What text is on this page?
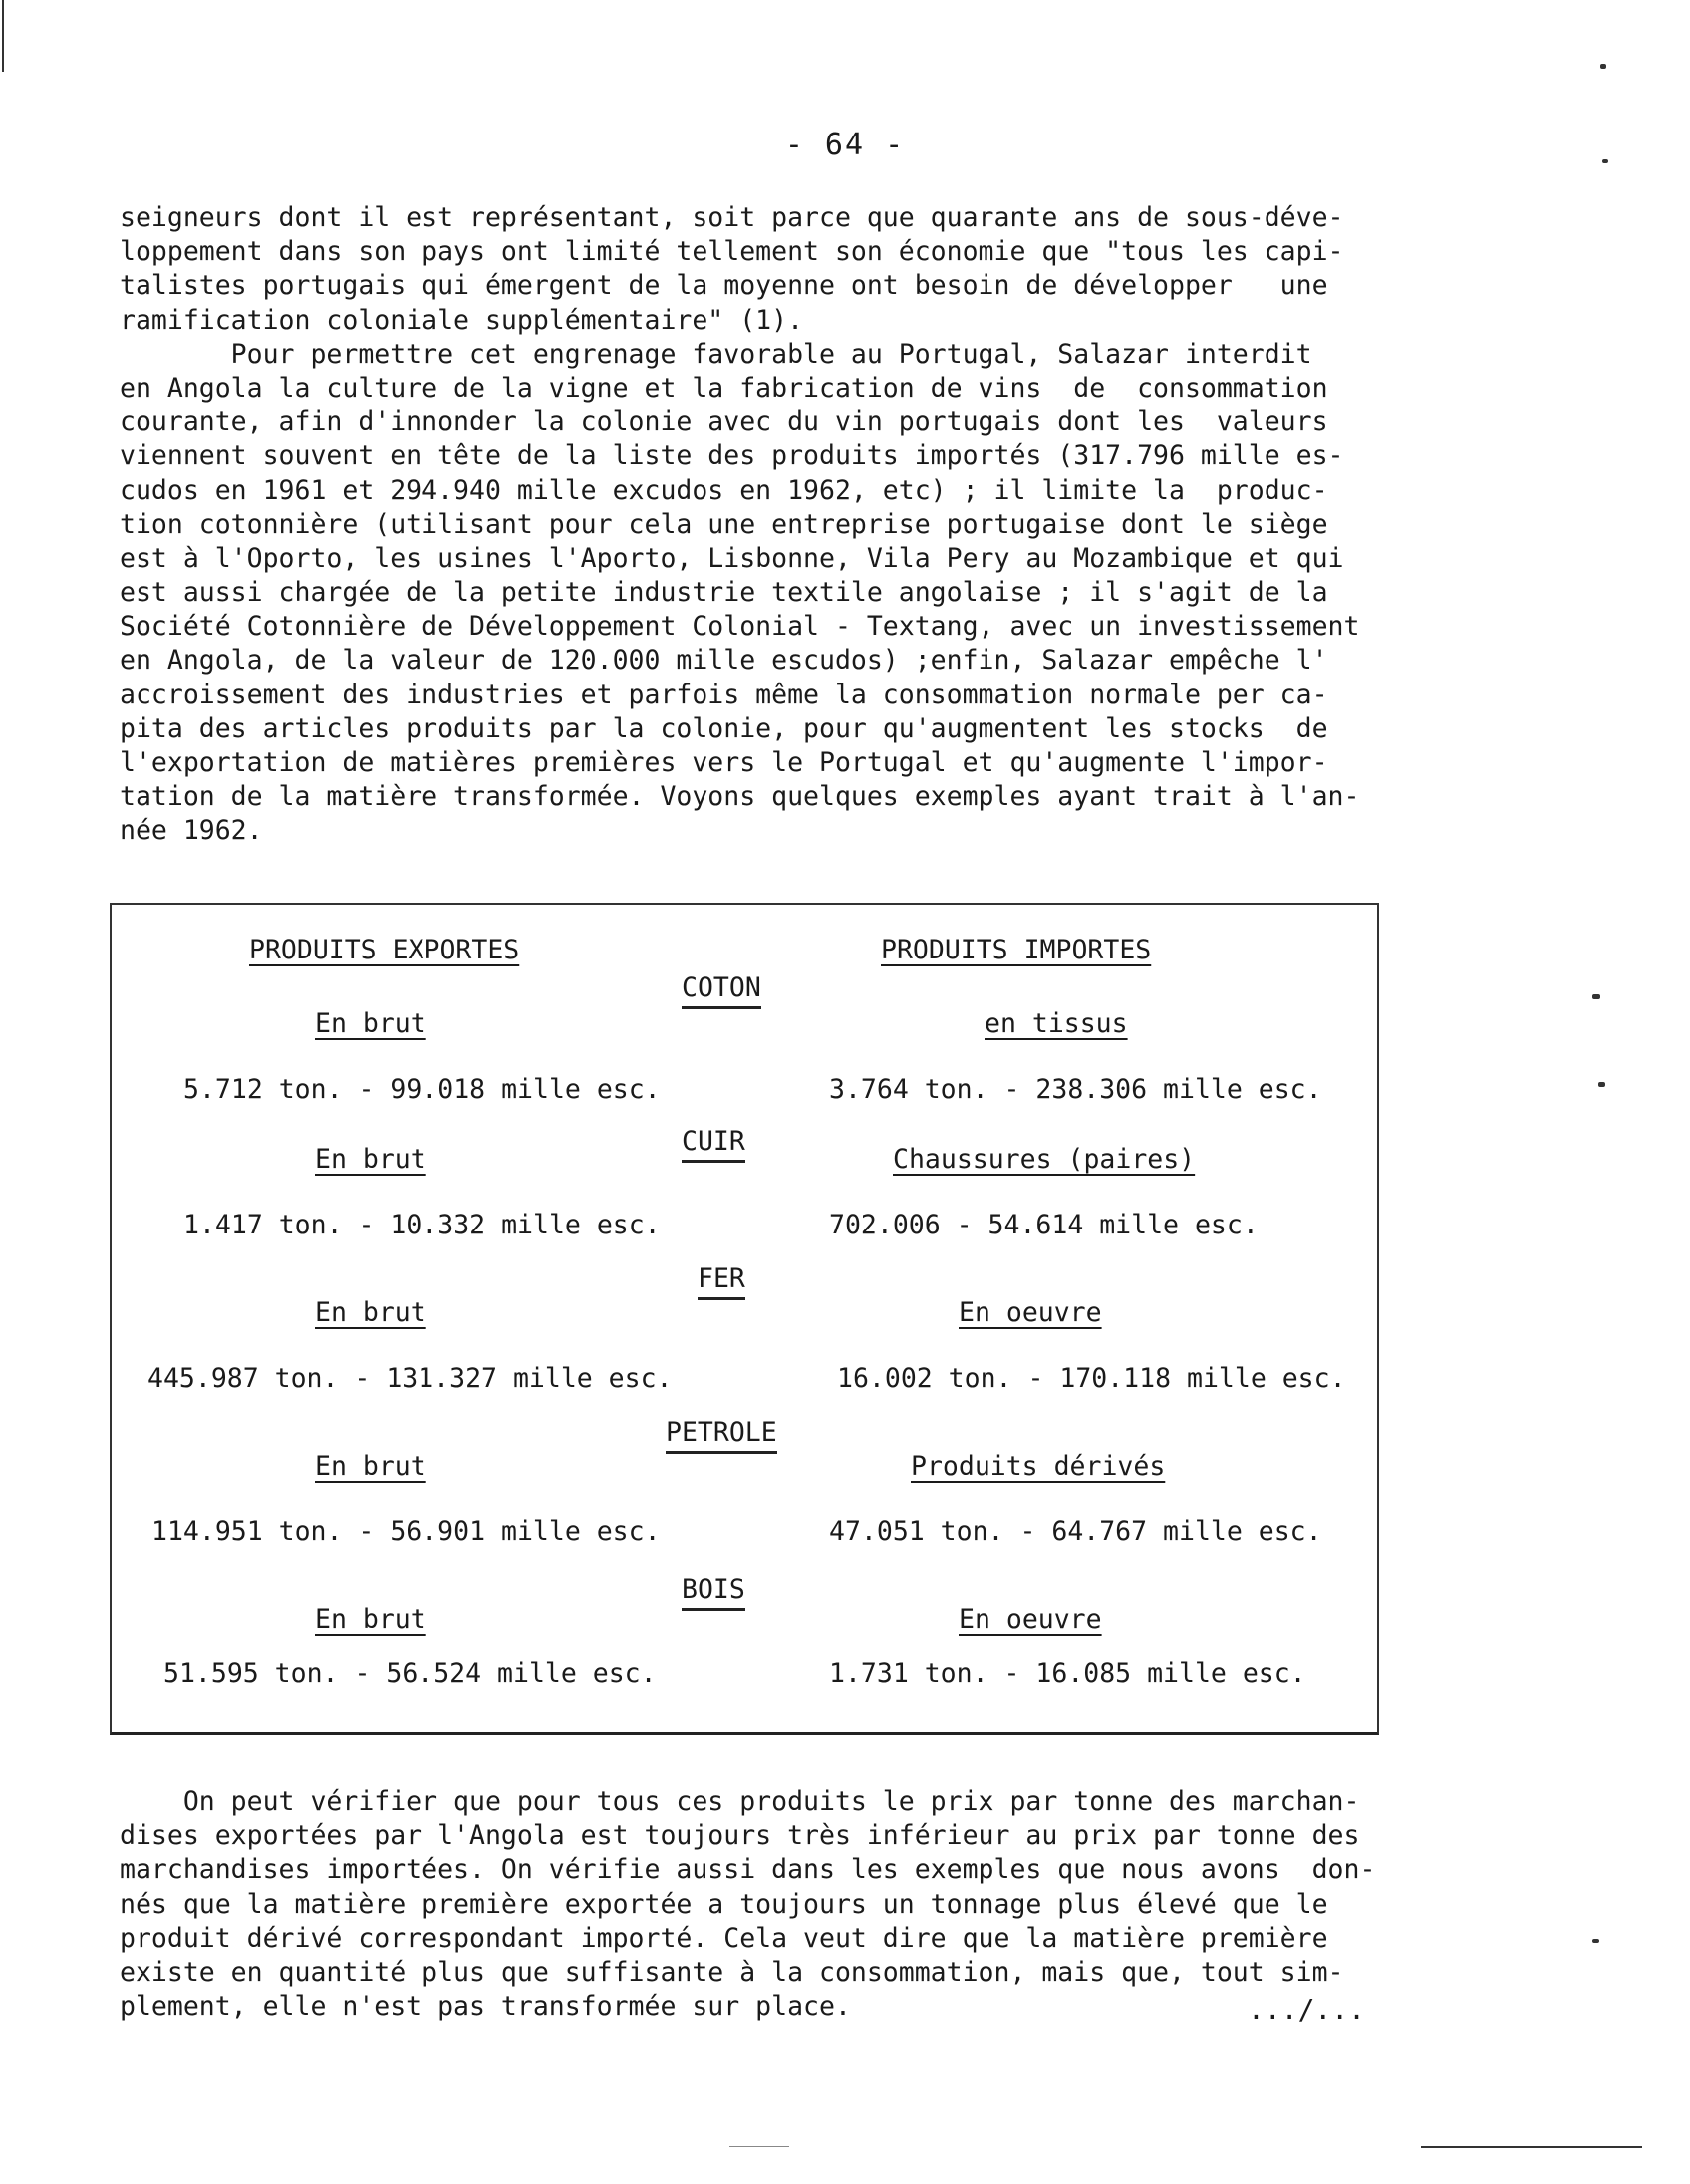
- 64 -
seigneurs dont il est représentant, soit parce que quarante ans de sous-déve-
loppement dans son pays ont limité tellement son économie que "tous les capi-
talistes portugais qui émergent de la moyenne ont besoin de développer   une
ramification coloniale supplémentaire" (1).
Pour permettre cet engrenage favorable au Portugal, Salazar interdit
en Angola la culture de la vigne et la fabrication de vins  de  consommation
courante, afin d'innonder la colonie avec du vin portugais dont les  valeurs
viennent souvent en tête de la liste des produits importés (317.796 mille es-
cudos en 1961 et 294.940 mille excudos en 1962, etc) ; il limite la  produc-
tion cotonnière (utilisant pour cela une entreprise portugaise dont le siège
est à l'Oporto, les usines l'Aporto, Lisbonne, Vila Pery au Mozambique et qui
est aussi chargée de la petite industrie textile angolaise ; il s'agit de la
Société Cotonnière de Développement Colonial - Textang, avec un investissement
en Angola, de la valeur de 120.000 mille escudos) ;enfin, Salazar empêche l'
accroissement des industries et parfois même la consommation normale per ca-
pita des articles produits par la colonie, pour qu'augmentent les stocks  de
l'exportation de matières premières vers le Portugal et qu'augmente l'impor-
tation de la matière transformée. Voyons quelques exemples ayant trait à l'an-
née 1962.
PRODUITS EXPORTES	PRODUITS IMPORTES
COTON
En brut	en tissus
5.712 ton. - 99.018 mille esc.	3.764 ton. - 238.306 mille esc.
CUIR
En brut	Chaussures (paires)
1.417 ton. - 10.332 mille esc.	702.006 - 54.614 mille esc.
FER
En brut	En oeuvre
445.987 ton. - 131.327 mille esc.	16.002 ton. - 170.118 mille esc.
PETROLE
En brut	Produits dérivés
114.951 ton. - 56.901 mille esc.	47.051 ton. - 64.767 mille esc.
BOIS
En brut	En oeuvre
51.595 ton. - 56.524 mille esc.	1.731 ton. - 16.085 mille esc.
On peut vérifier que pour tous ces produits le prix par tonne des marchan-
dises exportées par l'Angola est toujours très inférieur au prix par tonne des
marchandises importées. On vérifie aussi dans les exemples que nous avons  don-
nés que la matière première exportée a toujours un tonnage plus élevé que le
produit dérivé correspondant importé. Cela veut dire que la matière première
existe en quantité plus que suffisante à la consommation, mais que, tout sim-
plement, elle n'est pas transformée sur place.	.../...
